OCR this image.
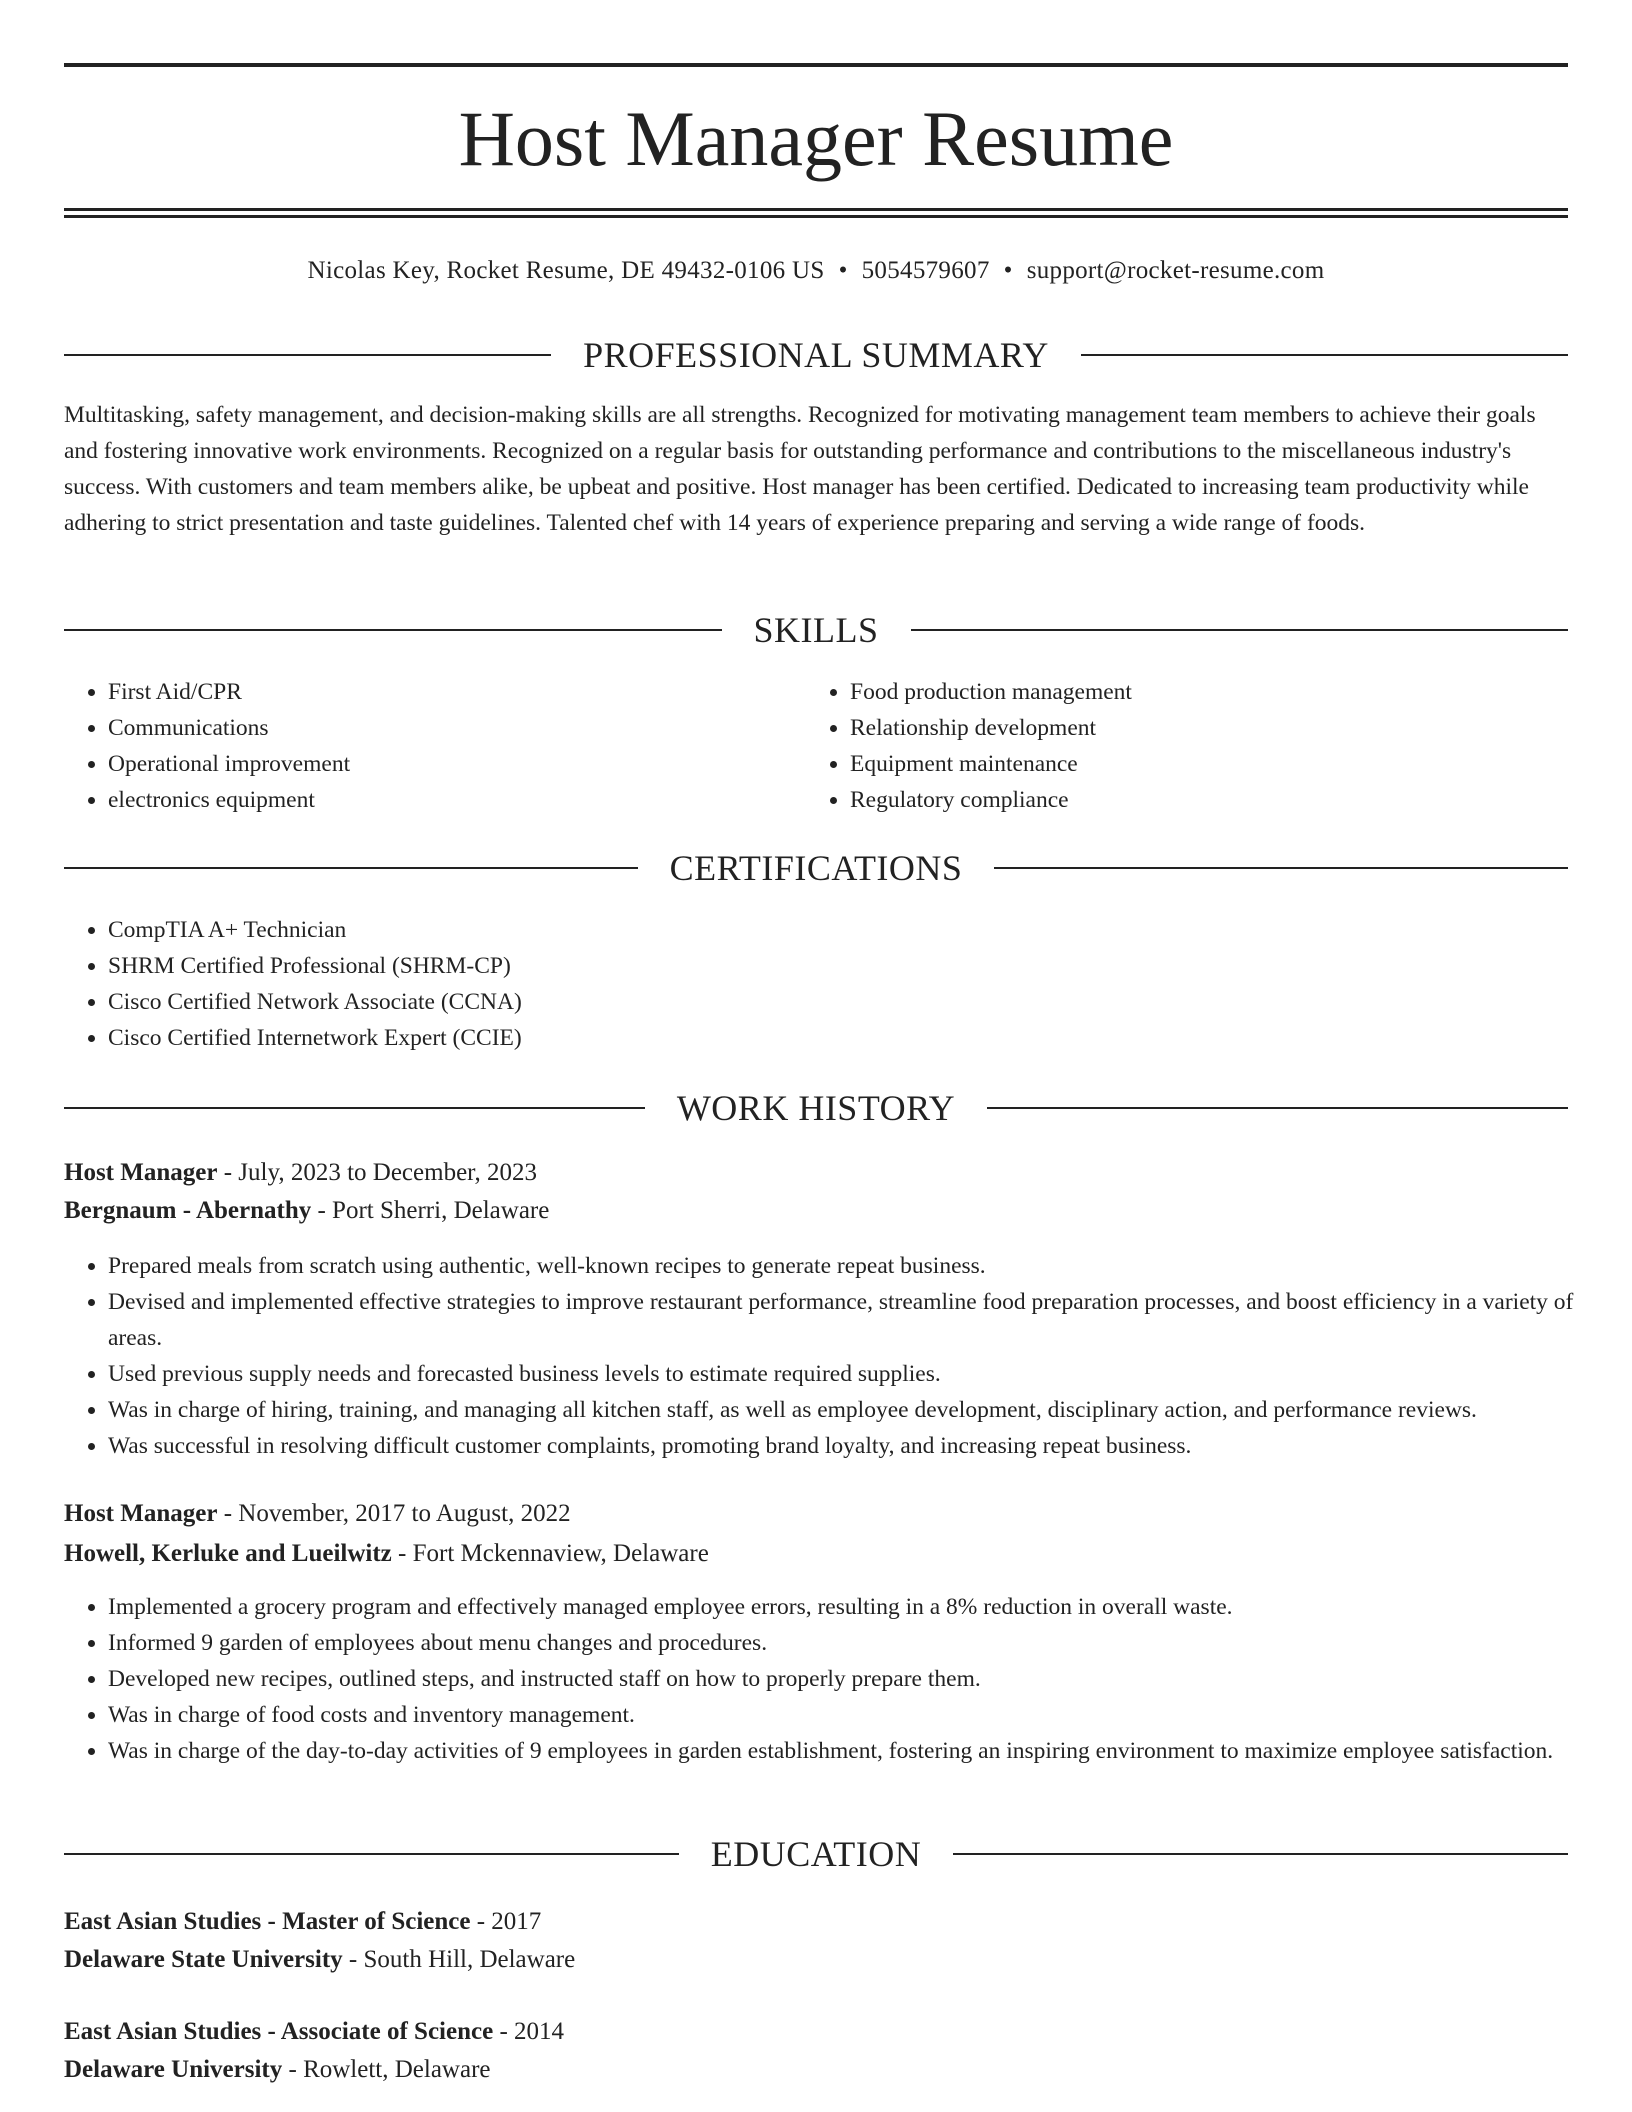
Host Manager Resume
Nicolas Key, Rocket Resume, DE 49432-0106 US • 5054579607 • support@rocket-resume.com
PROFESSIONAL SUMMARY

Multitasking, safety management, and decision-making skills are all strengths. Recognized for motivating management team members to achieve their goals and fostering innovative work environments. Recognized on a regular basis for outstanding performance and contributions to the miscellaneous industry's success. With customers and team members alike, be upbeat and positive. Host manager has been certified. Dedicated to increasing team productivity while adhering to strict presentation and taste guidelines. Talented chef with 14 years of experience preparing and serving a wide range of foods.

SKILLS
• First Aid/CPR
• Communications
• Operational improvement
• electronics equipment
• Food production management
• Relationship development
• Equipment maintenance
• Regulatory compliance
CERTIFICATIONS
• CompTIA A+ Technician
• SHRM Certified Professional (SHRM-CP)
• Cisco Certified Network Associate (CCNA)
• Cisco Certified Internetwork Expert (CCIE)
WORK HISTORY
Host Manager - July, 2023 to December, 2023
Bergnaum - Abernathy - Port Sherri, Delaware
• Prepared meals from scratch using authentic, well-known recipes to generate repeat business.
• Devised and implemented effective strategies to improve restaurant performance, streamline food preparation processes, and boost efficiency in a variety of areas.
• Used previous supply needs and forecasted business levels to estimate required supplies.
• Was in charge of hiring, training, and managing all kitchen staff, as well as employee development, disciplinary action, and performance reviews.
• Was successful in resolving difficult customer complaints, promoting brand loyalty, and increasing repeat business.
Host Manager - November, 2017 to August, 2022
Howell, Kerluke and Lueilwitz - Fort Mckennaview, Delaware
• Implemented a grocery program and effectively managed employee errors, resulting in a 8% reduction in overall waste.
• Informed 9 garden of employees about menu changes and procedures.
• Developed new recipes, outlined steps, and instructed staff on how to properly prepare them.
• Was in charge of food costs and inventory management.
• Was in charge of the day-to-day activities of 9 employees in garden establishment, fostering an inspiring environment to maximize employee satisfaction.
EDUCATION
East Asian Studies - Master of Science - 2017
Delaware State University - South Hill, Delaware
East Asian Studies - Associate of Science - 2014
Delaware University - Rowlett, Delaware
